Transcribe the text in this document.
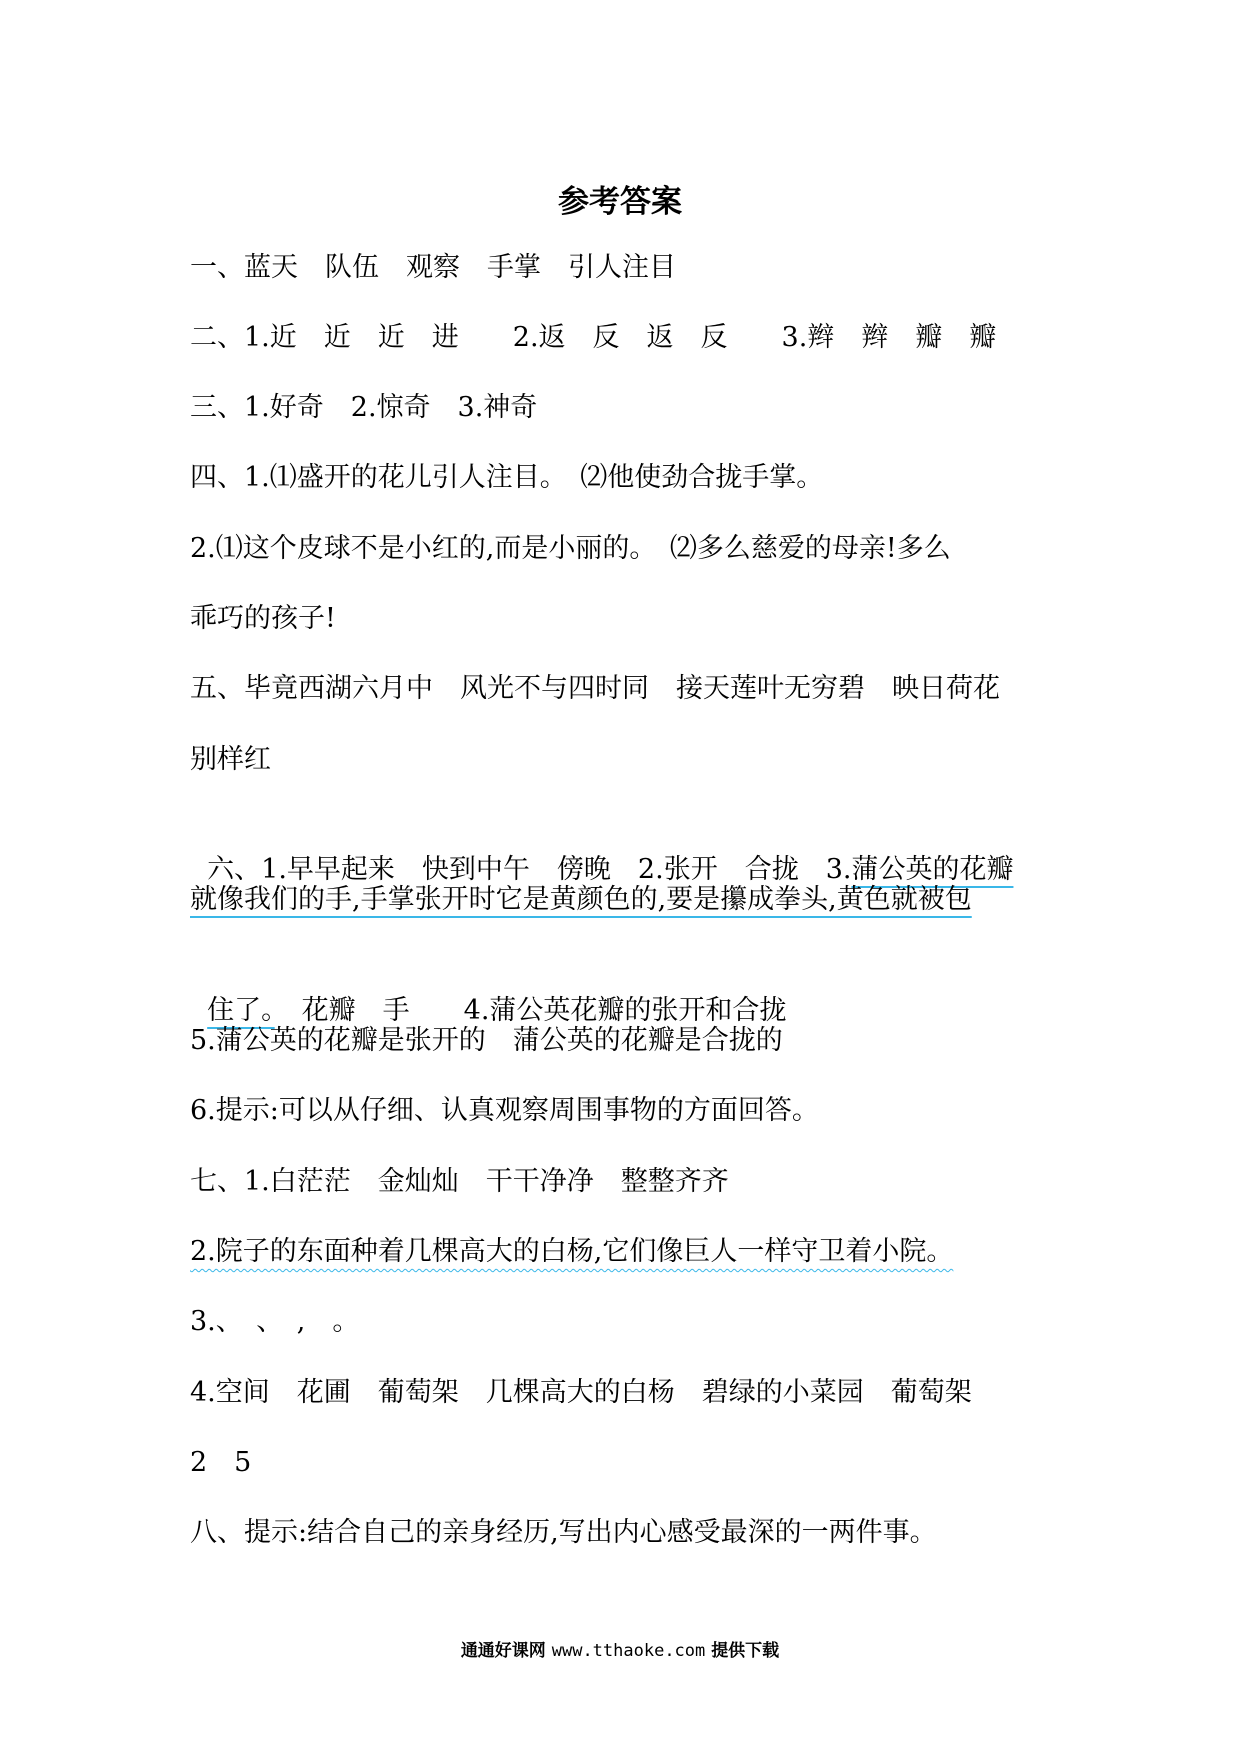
参考答案
一、蓝天　队伍　观察　手掌　引人注目
二、1.近　近　近　进　　2.返　反　返　反　　3.辫　辫　瓣　瓣
三、1.好奇　2.惊奇　3.神奇
四、1.⑴盛开的花儿引人注目。　⑵他使劲合拢手掌。
2.⑴这个皮球不是小红的,而是小丽的。　⑵多么慈爱的母亲!多么
乖巧的孩子!
五、毕竟西湖六月中　风光不与四时同　接天莲叶无穷碧　映日荷花
别样红

六、1.早早起来　快到中午　傍晚　2.张开　合拢　3.蒲公英的花瓣

就像我们的手,手掌张开时它是黄颜色的,要是攥成拳头,黄色就被包

住了。　花瓣　手　　4.蒲公英花瓣的张开和合拢

5.蒲公英的花瓣是张开的　蒲公英的花瓣是合拢的
6.提示:可以从仔细、认真观察周围事物的方面回答。
七、1.白茫茫　金灿灿　干干净净　整整齐齐
2.院子的东面种着几棵高大的白杨,它们像巨人一样守卫着小院。
3.、　、　,　。
4.空间　花圃　葡萄架　几棵高大的白杨　碧绿的小菜园　葡萄架
2　5
八、提示:结合自己的亲身经历,写出内心感受最深的一两件事。
通通好课网 www.tthaoke.com 提供下载
